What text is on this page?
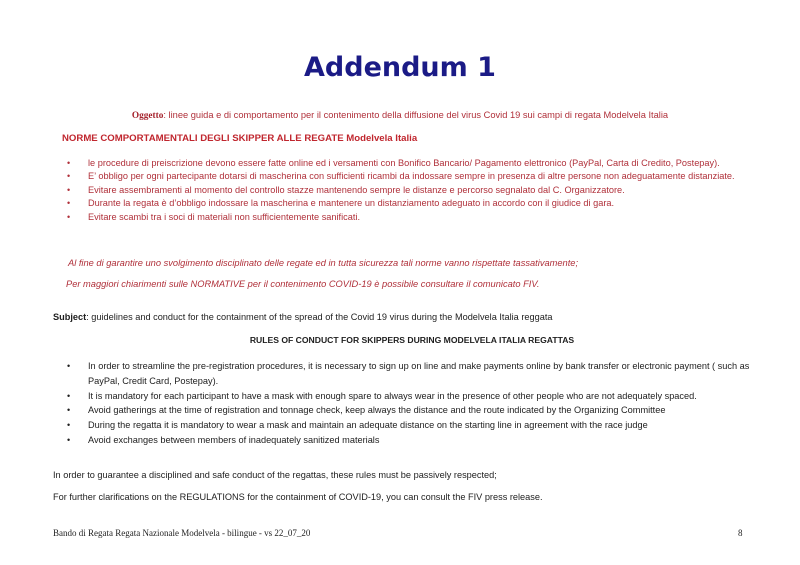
Addendum 1
Oggetto: linee guida e di comportamento per il contenimento della diffusione del virus Covid 19 sui campi di regata Modelvela Italia
NORME COMPORTAMENTALI DEGLI SKIPPER ALLE REGATE Modelvela Italia
• le procedure di preiscrizione devono essere fatte online ed i versamenti con Bonifico Bancario/ Pagamento elettronico (PayPal, Carta di Credito, Postepay).
• E’ obbligo per ogni partecipante dotarsi di mascherina con sufficienti ricambi da indossare sempre in presenza di altre persone non adeguatamente distanziate.
• Evitare assembramenti al momento del controllo stazze mantenendo sempre le distanze e percorso segnalato dal C. Organizzatore.
• Durante la regata è d’obbligo indossare la mascherina e mantenere un distanziamento adeguato in accordo con il giudice di gara.
• Evitare scambi tra i soci di materiali non sufficientemente sanificati.
Al fine di garantire uno svolgimento disciplinato delle regate ed in tutta sicurezza tali norme vanno rispettate tassativamente;
Per maggiori chiarimenti sulle NORMATIVE per il contenimento COVID-19 è possibile consultare il comunicato FIV.
Subject: guidelines and conduct for the containment of the spread of the Covid 19 virus during the Modelvela Italia reggata
RULES OF CONDUCT FOR SKIPPERS DURING MODELVELA ITALIA REGATTAS
• In order to streamline the pre-registration procedures, it is necessary to sign up on line and make payments online by bank transfer or electronic payment ( such as PayPal, Credit Card, Postepay).
• It is mandatory for each participant to have a mask with enough spare to always wear in the presence of other people who are not adequately spaced.
• Avoid gatherings at the time of registration and tonnage check, keep always the distance and the route indicated by the Organizing Committee
• During the regatta it is mandatory to wear a mask and maintain an adequate distance on the starting line in agreement with the race judge
• Avoid exchanges between members of inadequately sanitized materials
In order to guarantee a disciplined and safe conduct of the regattas, these rules must be passively respected;
For further clarifications on the REGULATIONS for the containment of COVID-19, you can consult the FIV press release.
Bando di Regata Regata Nazionale Modelvela - bilingue - vs 22_07_20	8
